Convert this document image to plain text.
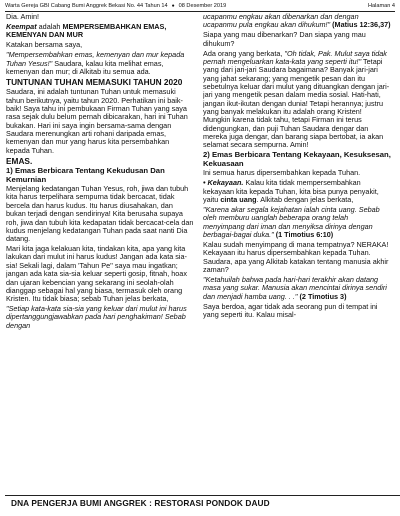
Warta Gereja GBI Cabang Bumi Anggrek Bekasi No. 44 Tahun 14 ● 08 Desember 2019	Halaman 4

Dia. Amin!

Keempat adalah MEMPERSEMBAHKAN EMAS, KEMENYAN DAN MUR

Katakan bersama saya,

"Mempersembahkan emas, kemenyan dan mur kepada Tuhan Yesus!" Saudara, kalau kita melihat emas, kemenyan dan mur; di Alkitab itu semua ada.

TUNTUNAN TUHAN MEMASUKI TAHUN 2020

Saudara, ini adalah tuntunan Tuhan untuk memasuki tahun berikutnya, yaitu tahun 2020. Perhatikan ini baik-baik! Saya tahu ini pembukaan Firman Tuhan yang saya rasa sejak dulu belum pernah dibicarakan, hari ini Tuhan bukakan. Hari ini saya ingin bersama-sama dengan Saudara merenungkan arti rohani daripada emas, kemenyan dan mur yang harus kita persembahkan kepada Tuhan.

EMAS.
1) Emas Berbicara Tentang Kekudusan Dan Kemurnian

Menjelang kedatangan Tuhan Yesus, roh, jiwa dan tubuh kita harus terpelihara sempurna tidak bercacat, tidak bercela dan harus kudus. Itu harus diusahakan, dan bukan terjadi dengan sendirinya! Kita berusaha supaya roh, jiwa dan tubuh kita kedapatan tidak bercacat-cela dan kudus menjelang kedatangan Tuhan pada saat nanti Dia datang.

Mari kita jaga kelakuan kita, tindakan kita, apa yang kita lakukan dari mulut ini harus kudus! Jangan ada kata sia-sia! Sekali lagi, dalam 'Tahun Pe'' saya mau ingatkan; jangan ada kata sia-sia keluar seperti gosip, fitnah, hoax dan ujaran kebencian yang sekarang ini seolah-olah dianggap sebagai hal yang biasa, termasuk oleh orang Kristen. Itu tidak biasa; sebab Tuhan jelas berkata,

"Setiap kata-kata sia-sia yang keluar dari mulut ini harus dipertanggungjawabkan pada hari penghakiman! Sebab dengan

ucapanmu engkau akan dibenarkan dan dengan ucapanmu pula engkau akan dihukum!" (Matius 12:36,37)

Siapa yang mau dibenarkan? Dan siapa yang mau dihukum?

Ada orang yang berkata, "Oh tidak, Pak. Mulut saya tidak pernah mengeluarkan kata-kata yang seperti itu!" Tetapi yang dari jari-jari Saudara bagaimana? Banyak jari-jari yang jahat sekarang; yang mengetik pesan dan itu sebetulnya keluar dari mulut yang dituangkan dengan jari-jari yang mengetik pesan dalam media sosial. Hati-hati, jangan ikut-ikutan dengan dunia! Tetapi heranny​a; justru yang banyak melakukan itu adalah orang Kristen! Mungkin karena tidak tahu, tetapi Firman ini terus didengungkan, dan puji Tuhan Saudara dengar dan mereka juga dengar, dan barang siapa bertobat, ia akan selamat secara sempurna. Amin!

2) Emas Berbicara Tentang Kekayaan, Kesuksesan, Kekuasaan

Ini semua harus dipersembahkan kepada Tuhan.

• Kekayaan. Kalau kita tidak mempersembahkan kekayaan kita kepada Tuhan, kita bisa punya penyakit, yaitu cinta uang. Alkitab dengan jelas berkata,

"Karena akar segala kejahatan ialah cinta uang. Sebab oleh memburu uanglah beberapa orang telah menyimpang dari iman dan menyiksa dirinya dengan berbagai-bagai duka." (1 Timotius 6:10)

Kalau sudah menyimpang di mana tempatnya? NERAKA! Kekayaan itu harus dipersembahkan kepada Tuhan. Saudara, apa yang Alkitab katakan tentang manusia akhir zaman?

"Ketahuilah bahwa pada hari-hari terakhir akan datang masa yang sukar. Manusia akan mencintai dirinya sendiri dan menjadi hamba uang. . ." (2 Timotius 3)

Saya berdoa, agar tidak ada seorang pun di tempat ini yang seperti itu. Kalau misal-

DNA PENGERJA BUMI ANGGREK : RESTORASI PONDOK DAUD
